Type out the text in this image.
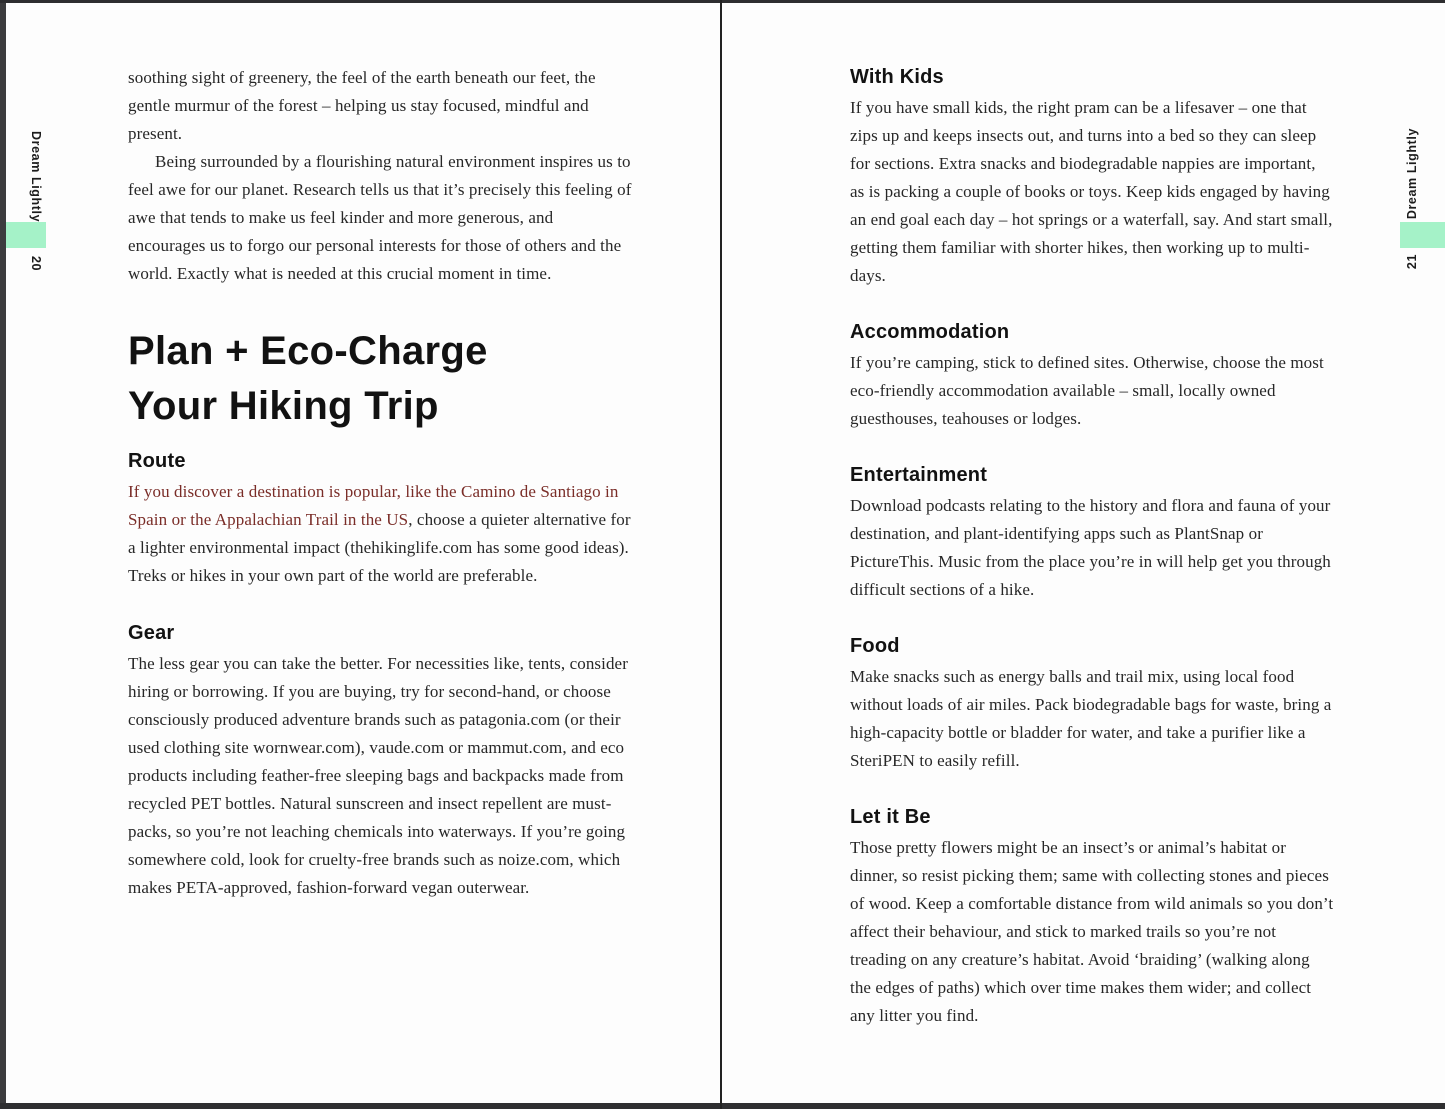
Dream Lightly
20
Dream Lightly
21

soothing sight of greenery, the feel of the earth beneath our feet, the gentle murmur of the forest – helping us stay focused, mindful and present.

Being surrounded by a flourishing natural environment inspires us to feel awe for our planet. Research tells us that it’s precisely this feeling of awe that tends to make us feel kinder and more generous, and encourages us to forgo our personal interests for those of others and the world. Exactly what is needed at this crucial moment in time.

Plan + Eco-Charge
Your Hiking Trip
Route

If you discover a destination is popular, like the Camino de Santiago in Spain or the Appalachian Trail in the US, choose a quieter alternative for a lighter environmental impact (thehikinglife.com has some good ideas). Treks or hikes in your own part of the world are preferable.

Gear

The less gear you can take the better. For necessities like, tents, consider hiring or borrowing. If you are buying, try for second-hand, or choose consciously produced adventure brands such as patagonia.com (or their used clothing site wornwear.com), vaude.com or mammut.com, and eco products including feather-free sleeping bags and backpacks made from recycled PET bottles. Natural sunscreen and insect repellent are must-packs, so you’re not leaching chemicals into waterways. If you’re going somewhere cold, look for cruelty-free brands such as noize.com, which makes PETA-approved, fashion-forward vegan outerwear.

With Kids

If you have small kids, the right pram can be a lifesaver – one that zips up and keeps insects out, and turns into a bed so they can sleep for sections. Extra snacks and biodegradable nappies are important, as is packing a couple of books or toys. Keep kids engaged by having an end goal each day – hot springs or a waterfall, say. And start small, getting them familiar with shorter hikes, then working up to multi-days.

Accommodation

If you’re camping, stick to defined sites. Otherwise, choose the most eco-friendly accommodation available – small, locally owned guesthouses, teahouses or lodges.

Entertainment

Download podcasts relating to the history and flora and fauna of your destination, and plant-identifying apps such as PlantSnap or PictureThis. Music from the place you’re in will help get you through difficult sections of a hike.

Food

Make snacks such as energy balls and trail mix, using local food without loads of air miles. Pack biodegradable bags for waste, bring a high-capacity bottle or bladder for water, and take a purifier like a SteriPEN to easily refill.

Let it Be

Those pretty flowers might be an insect’s or animal’s habitat or dinner, so resist picking them; same with collecting stones and pieces of wood. Keep a comfortable distance from wild animals so you don’t affect their behaviour, and stick to marked trails so you’re not treading on any creature’s habitat. Avoid ‘braiding’ (walking along the edges of paths) which over time makes them wider; and collect any litter you find.
